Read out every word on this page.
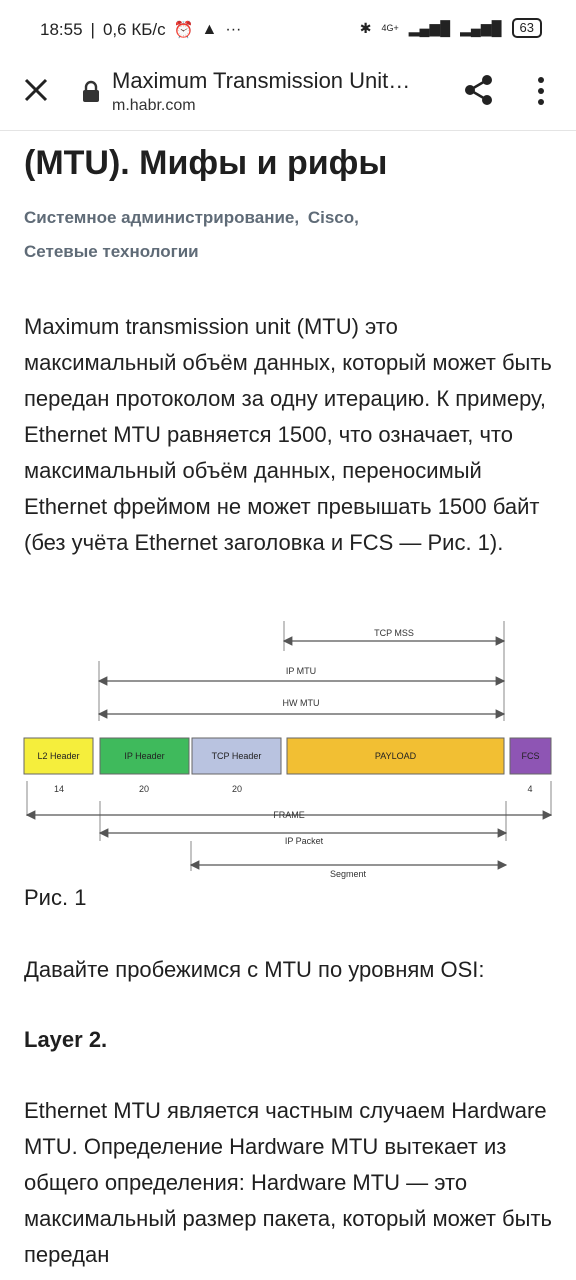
18:55 | 0,6 КБ/с ⏰ ▲ ···	✱ 4G+ ▂▄▆█ ▂▄▆█	63
Maximum Transmission Unit…
m.habr.com
(MTU). Мифы и рифы
Системное администрирование, Cisco,
Сетевые технологии
Maximum transmission unit (MTU) это максимальный объём данных, который может быть передан протоколом за одну итерацию. К примеру, Ethernet MTU равняется 1500, что означает, что максимальный объём данных, переносимый Ethernet фреймом не может превышать 1500 байт (без учёта Ethernet заголовка и FCS — Рис. 1).
TCP MSS
IP MTU
HW MTU
FRAME
IP Packet
Segment
L2 Header
14
IP Header
20
TCP Header
20
PAYLOAD	FCS
4
Рис. 1
Давайте пробежимся с MTU по уровням OSI:
Layer 2.
Ethernet MTU является частным случаем Hardware MTU. Определение Hardware MTU вытекает из общего определения: Hardware MTU — это максимальный размер пакета, который может быть передан
